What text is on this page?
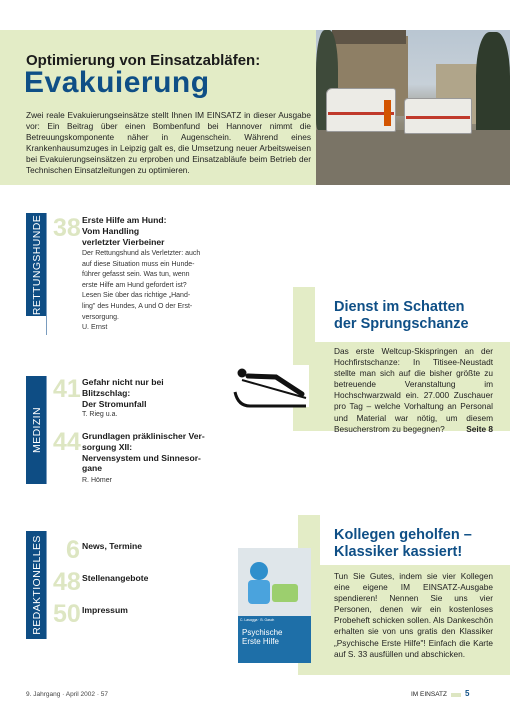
Optimierung von Einsatzabläfen:
Evakuierung
Zwei reale Evakuierungseinsätze stellt Ihnen IM EINSATZ in dieser Ausgabe vor: Ein Beitrag über einen Bombenfund bei Hannover nimmt die Betreuungskomponente näher in Augenschein. Während eines Krankenhausumzuges in Leipzig galt es, die Umsetzung neuer Arbeitsweisen bei Evakuierungseinsätzen zu erproben und Einsatzabläufe beim Betrieb der Technischen Einsatzleitungen zu optimieren.
RETTUNGSHUNDE 38 Erste Hilfe am Hund:
Vom Handling
verletzter Vierbeiner
Der Rettungshund als Verletzter: auch
auf diese Situation muss ein Hunde-
führer gefasst sein. Was tun, wenn
erste Hilfe am Hund gefordert ist?
Lesen Sie über das richtige „Hand-
ling" des Hundes, A und O der Erst-
versorgung.
U. Ernst
MEDIZIN
41 Gefahr nicht nur bei
Blitzschlag:
Der Stromunfall
T. Rieg u.a.
44 Grundlagen präklinischer Ver-
sorgung XII:
Nervensystem und Sinnesor-
gane
R. Hömer
REDAKTIONELLES 6 News, Termine
48 Stellenangebote
50 Impressum
Dienst im Schatten
der Sprungschanze
Das erste Weltcup-Skispringen an der Hochfirstschanze: In Titisee-Neustadt stellte man sich auf die bisher größte zu betreuende Veranstaltung im Hochschwarzwald ein. 27.000 Zuschauer pro Tag – welche Vorhaltung an Personal und Material war nötig, um diesem Besucherstrom zu begegnen?	Seite 8
Kollegen geholfen –
Klassiker kassiert!
Tun Sie Gutes, indem sie vier Kollegen eine eigene IM EINSATZ-Ausgabe spendieren! Nennen Sie uns vier Personen, denen wir ein kostenloses Probeheft schicken sollen. Als Dankeschön erhalten sie von uns gratis den Klassiker „Psychische Erste Hilfe"! Einfach die Karte auf S. 33 ausfüllen und abschicken.
C. Lasogga · B. Gasch
Psychische
Erste Hilfe
9. Jahrgang · April 2002 · 57	IM EINSATZ 5
